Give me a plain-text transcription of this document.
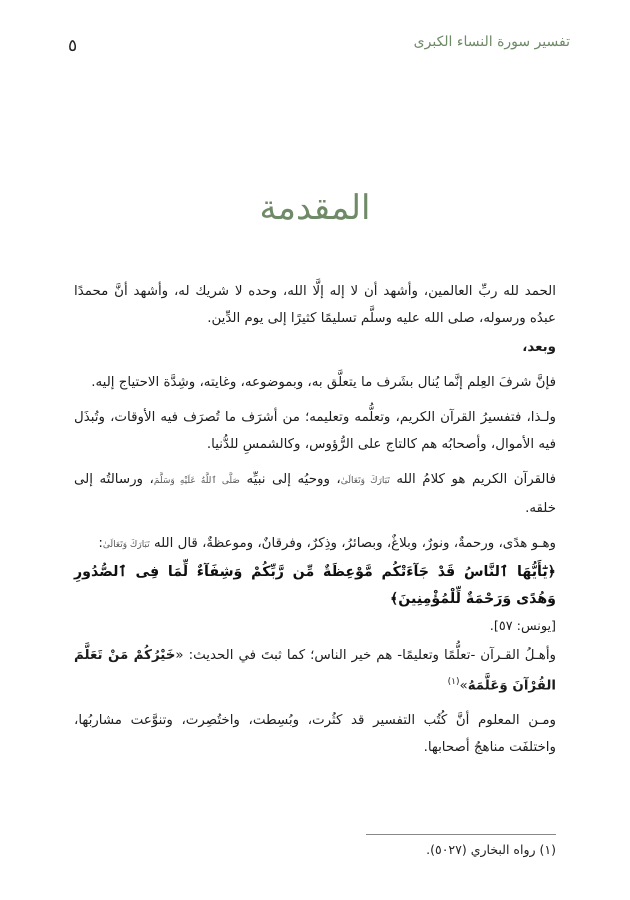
٥	تفسير سورة النساء الكبرى
المقدمة

الحمد لله ربِّ العالمين، وأشهد أن لا إله إلَّا الله، وحده لا شريك له، وأشهد أنَّ محمدًا عبدُه ورسوله، صلى الله عليه وسلَّم تسليمًا كثيرًا إلى يوم الدِّين.

وبعد،

فإنَّ شرفَ العِلم إنَّما يُنال بشَرف ما يتعلَّق به، وبموضوعه، وغايته، وشِدَّة الاحتياج إليه.

ولـذا، فتفسيرُ القرآن الكريم، وتعلُّمه وتعليمه؛ من أشرَف ما تُصرَف فيه الأوقات، وتُبذَل فيه الأموال، وأصحابُه هم كالتاج على الرُّؤوس، وكالشمسِ للدُّنيا.

فالقرآن الكريم هو كلامُ الله تَبَارَكَ وَتَعَالَىٰ، ووحيُه إلى نبيِّه صَلَّى ٱللَّهُ عَلَيْهِ وَسَلَّمَ، ورسالتُه إلى خلقه.

وهـو هدًى، ورحمةٌ، ونورٌ، وبلاغٌ، وبصائرُ، وذِكرٌ، وفرقانٌ، وموعظةٌ، قال الله تَبَارَكَ وَتَعَالَىٰ:
﴿يَٰٓأَيُّهَا ٱلنَّاسُ قَدْ جَآءَتْكُم مَّوْعِظَةٌ مِّن رَّبِّكُمْ وَشِفَآءٌ لِّمَا فِى ٱلصُّدُورِ وَهُدًى وَرَحْمَةٌ لِّلْمُؤْمِنِينَ﴾
[يونس: ٥٧].

وأهـلُ القـرآن -تعلُّمًا وتعليمًا- هم خير الناس؛ كما ثبتَ في الحديث: «خَيْرُكُمْ مَنْ تَعَلَّمَ القُرْآنَ وَعَلَّمَهُ»$^{(١)}$

ومـن المعلوم أنَّ كُتُب التفسير قد كثُرت، وبُسِطت، واختُصِرت، وتنوَّعت مشاربُها، واختلفَت مناهجُ أصحابها.

(١) رواه البخاري (٥٠٢٧).
